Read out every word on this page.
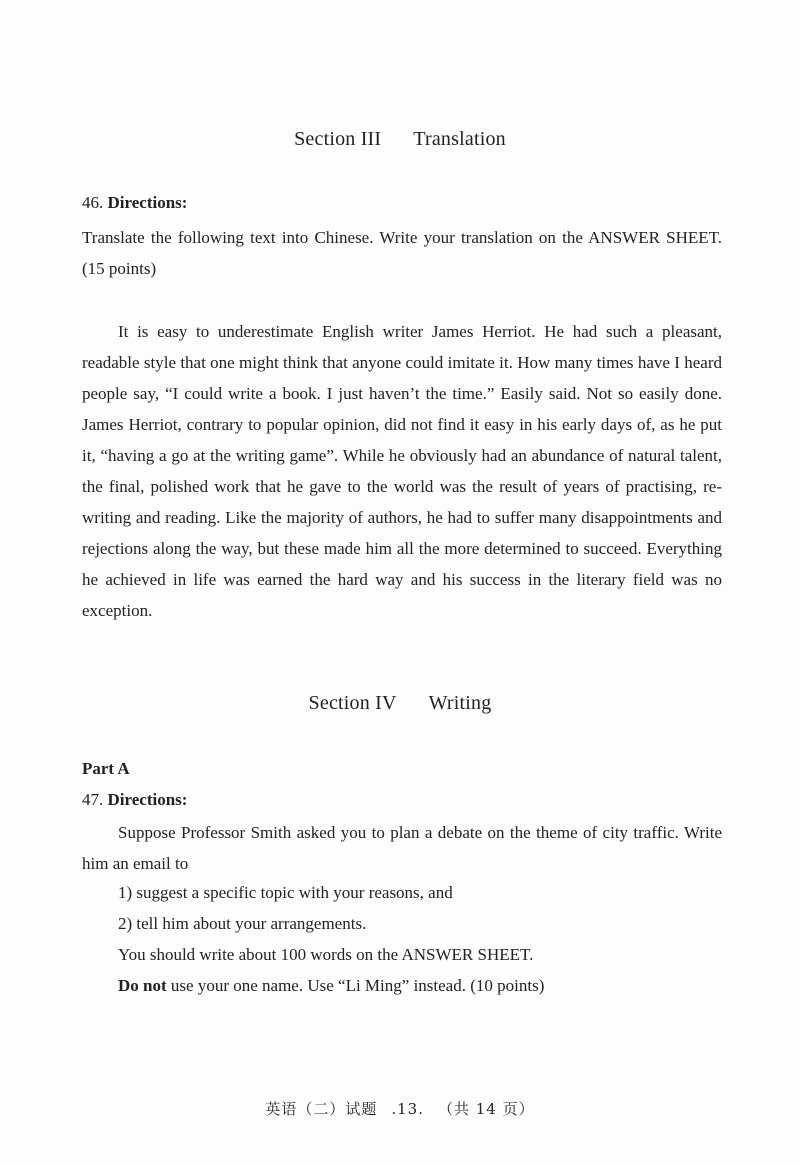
Section III Translation
46. Directions:
Translate the following text into Chinese. Write your translation on the ANSWER SHEET. (15 points)
It is easy to underestimate English writer James Herriot. He had such a pleasant, readable style that one might think that anyone could imitate it. How many times have I heard people say, “I could write a book. I just haven’t the time.” Easily said. Not so easily done. James Herriot, contrary to popular opinion, did not find it easy in his early days of, as he put it, “having a go at the writing game”. While he obviously had an abundance of natural talent, the final, polished work that he gave to the world was the result of years of practising, re-writing and reading. Like the majority of authors, he had to suffer many disappointments and rejections along the way, but these made him all the more determined to succeed. Everything he achieved in life was earned the hard way and his success in the literary field was no exception.
Section IV Writing
Part A
47. Directions:
Suppose Professor Smith asked you to plan a debate on the theme of city traffic. Write him an email to
1) suggest a specific topic with your reasons, and
2) tell him about your arrangements.
You should write about 100 words on the ANSWER SHEET.
Do not use your one name. Use “Li Ming” instead. (10 points)
英语（二）试题 .13. （共 14 页）
